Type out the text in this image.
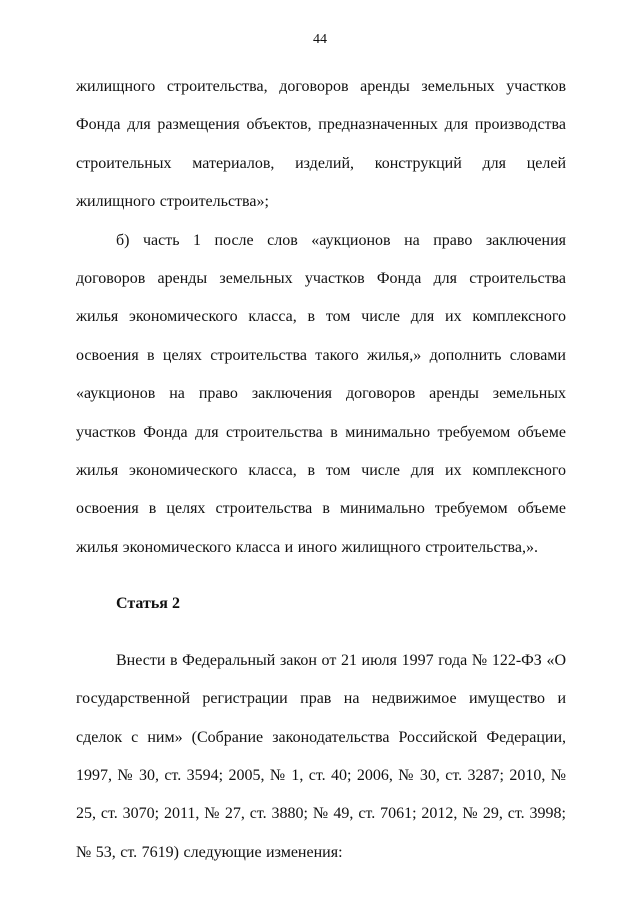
44

жилищного строительства, договоров аренды земельных участков Фонда для размещения объектов, предназначенных для производства строительных материалов, изделий, конструкций для целей жилищного строительства»;

б) часть 1 после слов «аукционов на право заключения договоров аренды земельных участков Фонда для строительства жилья экономического класса, в том числе для их комплексного освоения в целях строительства такого жилья,» дополнить словами «аукционов на право заключения договоров аренды земельных участков Фонда для строительства в минимально требуемом объеме жилья экономического класса, в том числе для их комплексного освоения в целях строительства в минимально требуемом объеме жилья экономического класса и иного жилищного строительства,».

Статья 2

Внести в Федеральный закон от 21 июля 1997 года № 122-ФЗ «О государственной регистрации прав на недвижимое имущество и сделок с ним» (Собрание законодательства Российской Федерации, 1997, № 30, ст. 3594; 2005, № 1, ст. 40; 2006, № 30, ст. 3287; 2010, № 25, ст. 3070; 2011, № 27, ст. 3880; № 49, ст. 7061; 2012, № 29, ст. 3998; № 53, ст. 7619) следующие изменения:
